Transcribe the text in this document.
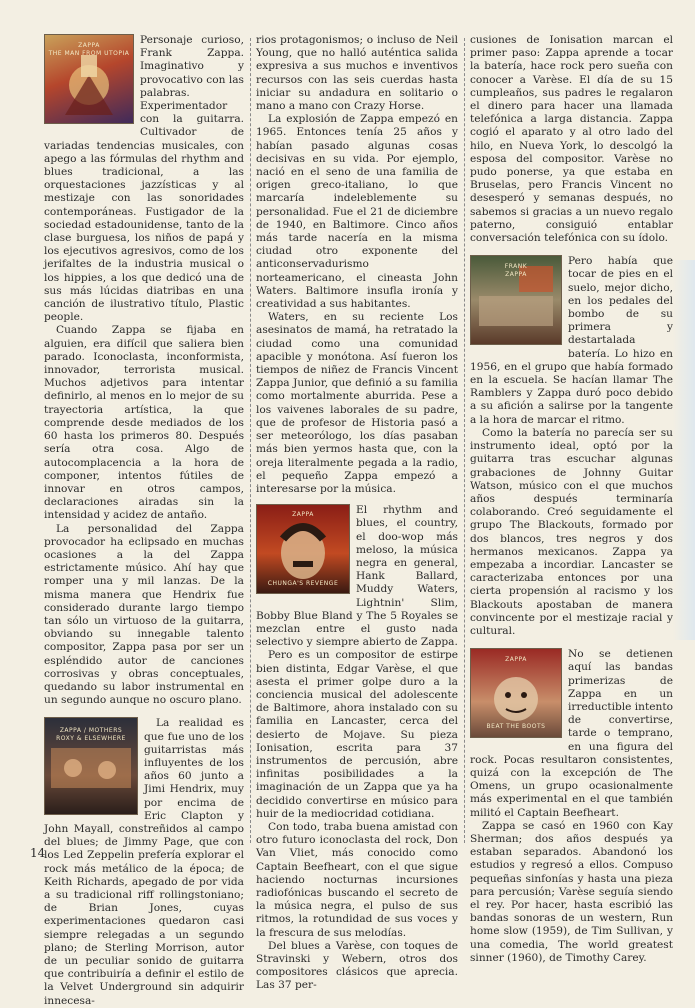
ZAPPA
THE MAN FROM UTOPIA

Personaje curioso, Frank Zappa. Imaginativo y provocativo con las palabras. Experimentador con la guitarra. Cultivador de variadas tendencias musicales, con apego a las fórmulas del rhythm and blues tradicional, a las orquestaciones jazzísticas y al mestizaje con las sonoridades contemporáneas. Fustigador de la sociedad estadounidense, tanto de la clase burguesa, los niños de papá y los ejecutivos agresivos, como de los jerifaltes de la industria musical o los hippies, a los que dedicó una de sus más lúcidas diatribas en una canción de ilustrativo título, Plastic people.

Cuando Zappa se fijaba en alguien, era difícil que saliera bien parado. Iconoclasta, inconformista, innovador, terrorista musical. Muchos adjetivos para intentar definirlo, al menos en lo mejor de su trayectoria artística, la que comprende desde mediados de los 60 hasta los primeros 80. Después sería otra cosa. Algo de autocomplacencia a la hora de componer, intentos fútiles de innovar en otros campos, declaraciones airadas sin la intensidad y acidez de antaño.

La personalidad del Zappa provocador ha eclipsado en muchas ocasiones a la del Zappa estrictamente músico. Ahí hay que romper una y mil lanzas. De la misma manera que Hendrix fue considerado durante largo tiempo tan sólo un virtuoso de la guitarra, obviando su innegable talento compositor, Zappa pasa por ser un espléndido autor de canciones corrosivas y obras conceptuales, quedando su labor instrumental en un segundo aunque no oscuro plano.

ZAPPA / MOTHERS
ROXY & ELSEWHERE

La realidad es que fue uno de los guitarristas más influyentes de los años 60 junto a Jimi Hendrix, muy por encima de Eric Clapton y John Mayall, constreñidos al campo del blues; de Jimmy Page, que con los Led Zeppelin prefería explorar el rock más metálico de la época; de Keith Richards, apegado de por vida a su tradicional riff rollingstoniano; de Brian Jones, cuyas experimentaciones quedaron casi siempre relegadas a un segundo plano; de Sterling Morrison, autor de un peculiar sonido de guitarra que contribuiría a definir el estilo de la Velvet Underground sin adquirir innecesa-

rios protagonismos; o incluso de Neil Young, que no halló auténtica salida expresiva a sus muchos e inventivos recursos con las seis cuerdas hasta iniciar su andadura en solitario o mano a mano con Crazy Horse.

La explosión de Zappa empezó en 1965. Entonces tenía 25 años y habían pasado algunas cosas decisivas en su vida. Por ejemplo, nació en el seno de una familia de origen greco-italiano, lo que marcaría indeleblemente su personalidad. Fue el 21 de diciembre de 1940, en Baltimore. Cinco años más tarde nacería en la misma ciudad otro exponente del anticonservadurismo norteamericano, el cineasta John Waters. Baltimore insufla ironía y creatividad a sus habitantes.

Waters, en su reciente Los asesinatos de mamá, ha retratado la ciudad como una comunidad apacible y monótona. Así fueron los tiempos de niñez de Francis Vincent Zappa Junior, que definió a su familia como mortalmente aburrida. Pese a los vaivenes laborales de su padre, que de profesor de Historia pasó a ser meteorólogo, los días pasaban más bien yermos hasta que, con la oreja literalmente pegada a la radio, el pequeño Zappa empezó a interesarse por la música.

ZAPPA
CHUNGA'S REVENGE

El rhythm and blues, el country, el doo-wop más meloso, la música negra en general, Hank Ballard, Muddy Waters, Lightnin' Slim, Bobby Blue Bland y The 5 Royales se mezclan entre el gusto nada selectivo y siempre abierto de Zappa.

Pero es un compositor de estirpe bien distinta, Edgar Varèse, el que asesta el primer golpe duro a la conciencia musical del adolescente de Baltimore, ahora instalado con su familia en Lancaster, cerca del desierto de Mojave. Su pieza Ionisation, escrita para 37 instrumentos de percusión, abre infinitas posibilidades a la imaginación de un Zappa que ya ha decidido convertirse en músico para huir de la mediocridad cotidiana.

Con todo, traba buena amistad con otro futuro iconoclasta del rock, Don Van Vliet, más conocido como Captain Beefheart, con el que sigue haciendo nocturnas incursiones radiofónicas buscando el secreto de la música negra, el pulso de sus ritmos, la rotundidad de sus voces y la frescura de sus melodías.

Del blues a Varèse, con toques de Stravinski y Webern, otros dos compositores clásicos que aprecia. Las 37 per-

cusiones de Ionisation marcan el primer paso: Zappa aprende a tocar la batería, hace rock pero sueña con conocer a Varèse. El día de su 15 cumpleaños, sus padres le regalaron el dinero para hacer una llamada telefónica a larga distancia. Zappa cogió el aparato y al otro lado del hilo, en Nueva York, lo descolgó la esposa del compositor. Varèse no pudo ponerse, ya que estaba en Bruselas, pero Francis Vincent no desesperó y semanas después, no sabemos si gracias a un nuevo regalo paterno, consiguió entablar conversación telefónica con su ídolo.

FRANK
ZAPPA

Pero había que tocar de pies en el suelo, mejor dicho, en los pedales del bombo de su primera y destartalada batería. Lo hizo en 1956, en el grupo que había formado en la escuela. Se hacían llamar The Ramblers y Zappa duró poco debido a su afición a salirse por la tangente a la hora de marcar el ritmo.

Como la batería no parecía ser su instrumento ideal, optó por la guitarra tras escuchar algunas grabaciones de Johnny Guitar Watson, músico con el que muchos años después terminaría colaborando. Creó seguidamente el grupo The Blackouts, formado por dos blancos, tres negros y dos hermanos mexicanos. Zappa ya empezaba a incordiar. Lancaster se caracterizaba entonces por una cierta propensión al racismo y los Blackouts apostaban de manera convincente por el mestizaje racial y cultural.

ZAPPA
BEAT THE BOOTS

No se detienen aquí las bandas primerizas de Zappa en un irreductible intento de convertirse, tarde o temprano, en una figura del rock. Pocas resultaron consistentes, quizá con la excepción de The Omens, un grupo ocasionalmente más experimental en el que también militó el Captain Beefheart.

Zappa se casó en 1960 con Kay Sherman; dos años después ya estaban separados. Abandonó los estudios y regresó a ellos. Compuso pequeñas sinfonías y hasta una pieza para percusión; Varèse seguía siendo el rey. Por hacer, hasta escribió las bandas sonoras de un western, Run home slow (1959), de Tim Sullivan, y una comedia, The world greatest sinner (1960), de Timothy Carey.

14
